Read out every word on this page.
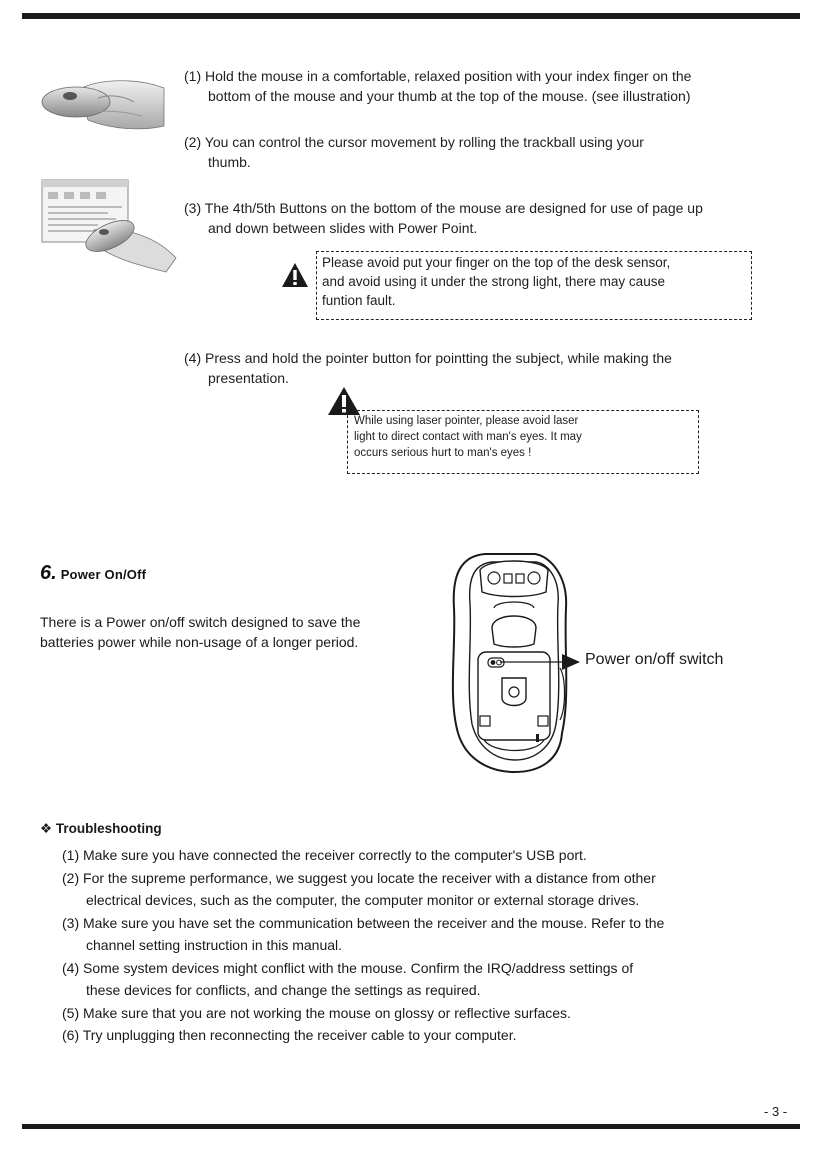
(1) Hold the mouse in a comfortable, relaxed position with your index finger on the
bottom of the mouse and your thumb at the top of the mouse. (see illustration)
(2) You can control the cursor movement by rolling the trackball using your
thumb.
(3) The 4th/5th Buttons on the bottom of the mouse are designed for use of page up
and down between slides with Power Point.
Please avoid put your finger on the top of the desk sensor,
and avoid using it under the strong light, there may cause
funtion fault.
(4) Press and hold the pointer button for pointting the subject, while making the
presentation.
While using laser pointer, please avoid laser
light to direct contact with man's eyes. It may
occurs serious hurt to man's eyes !
6. Power On/Off
There is a Power on/off switch designed to save the batteries power while non-usage of a longer period.
Power on/off switch
❖ Troubleshooting
(1) Make sure you have connected the receiver correctly to the computer's USB port.
(2) For the supreme performance, we suggest you locate the receiver with a distance from other
electrical devices, such as the computer, the computer monitor or external storage drives.
(3) Make sure you have set the communication between the receiver and the mouse. Refer to the
channel setting instruction in this manual.
(4) Some system devices might conflict with the mouse. Confirm the IRQ/address settings of
these devices for conflicts, and change the settings as required.
(5) Make sure that you are not working the mouse on glossy or reflective surfaces.
(6) Try unplugging then reconnecting the receiver cable to your computer.
- 3 -
